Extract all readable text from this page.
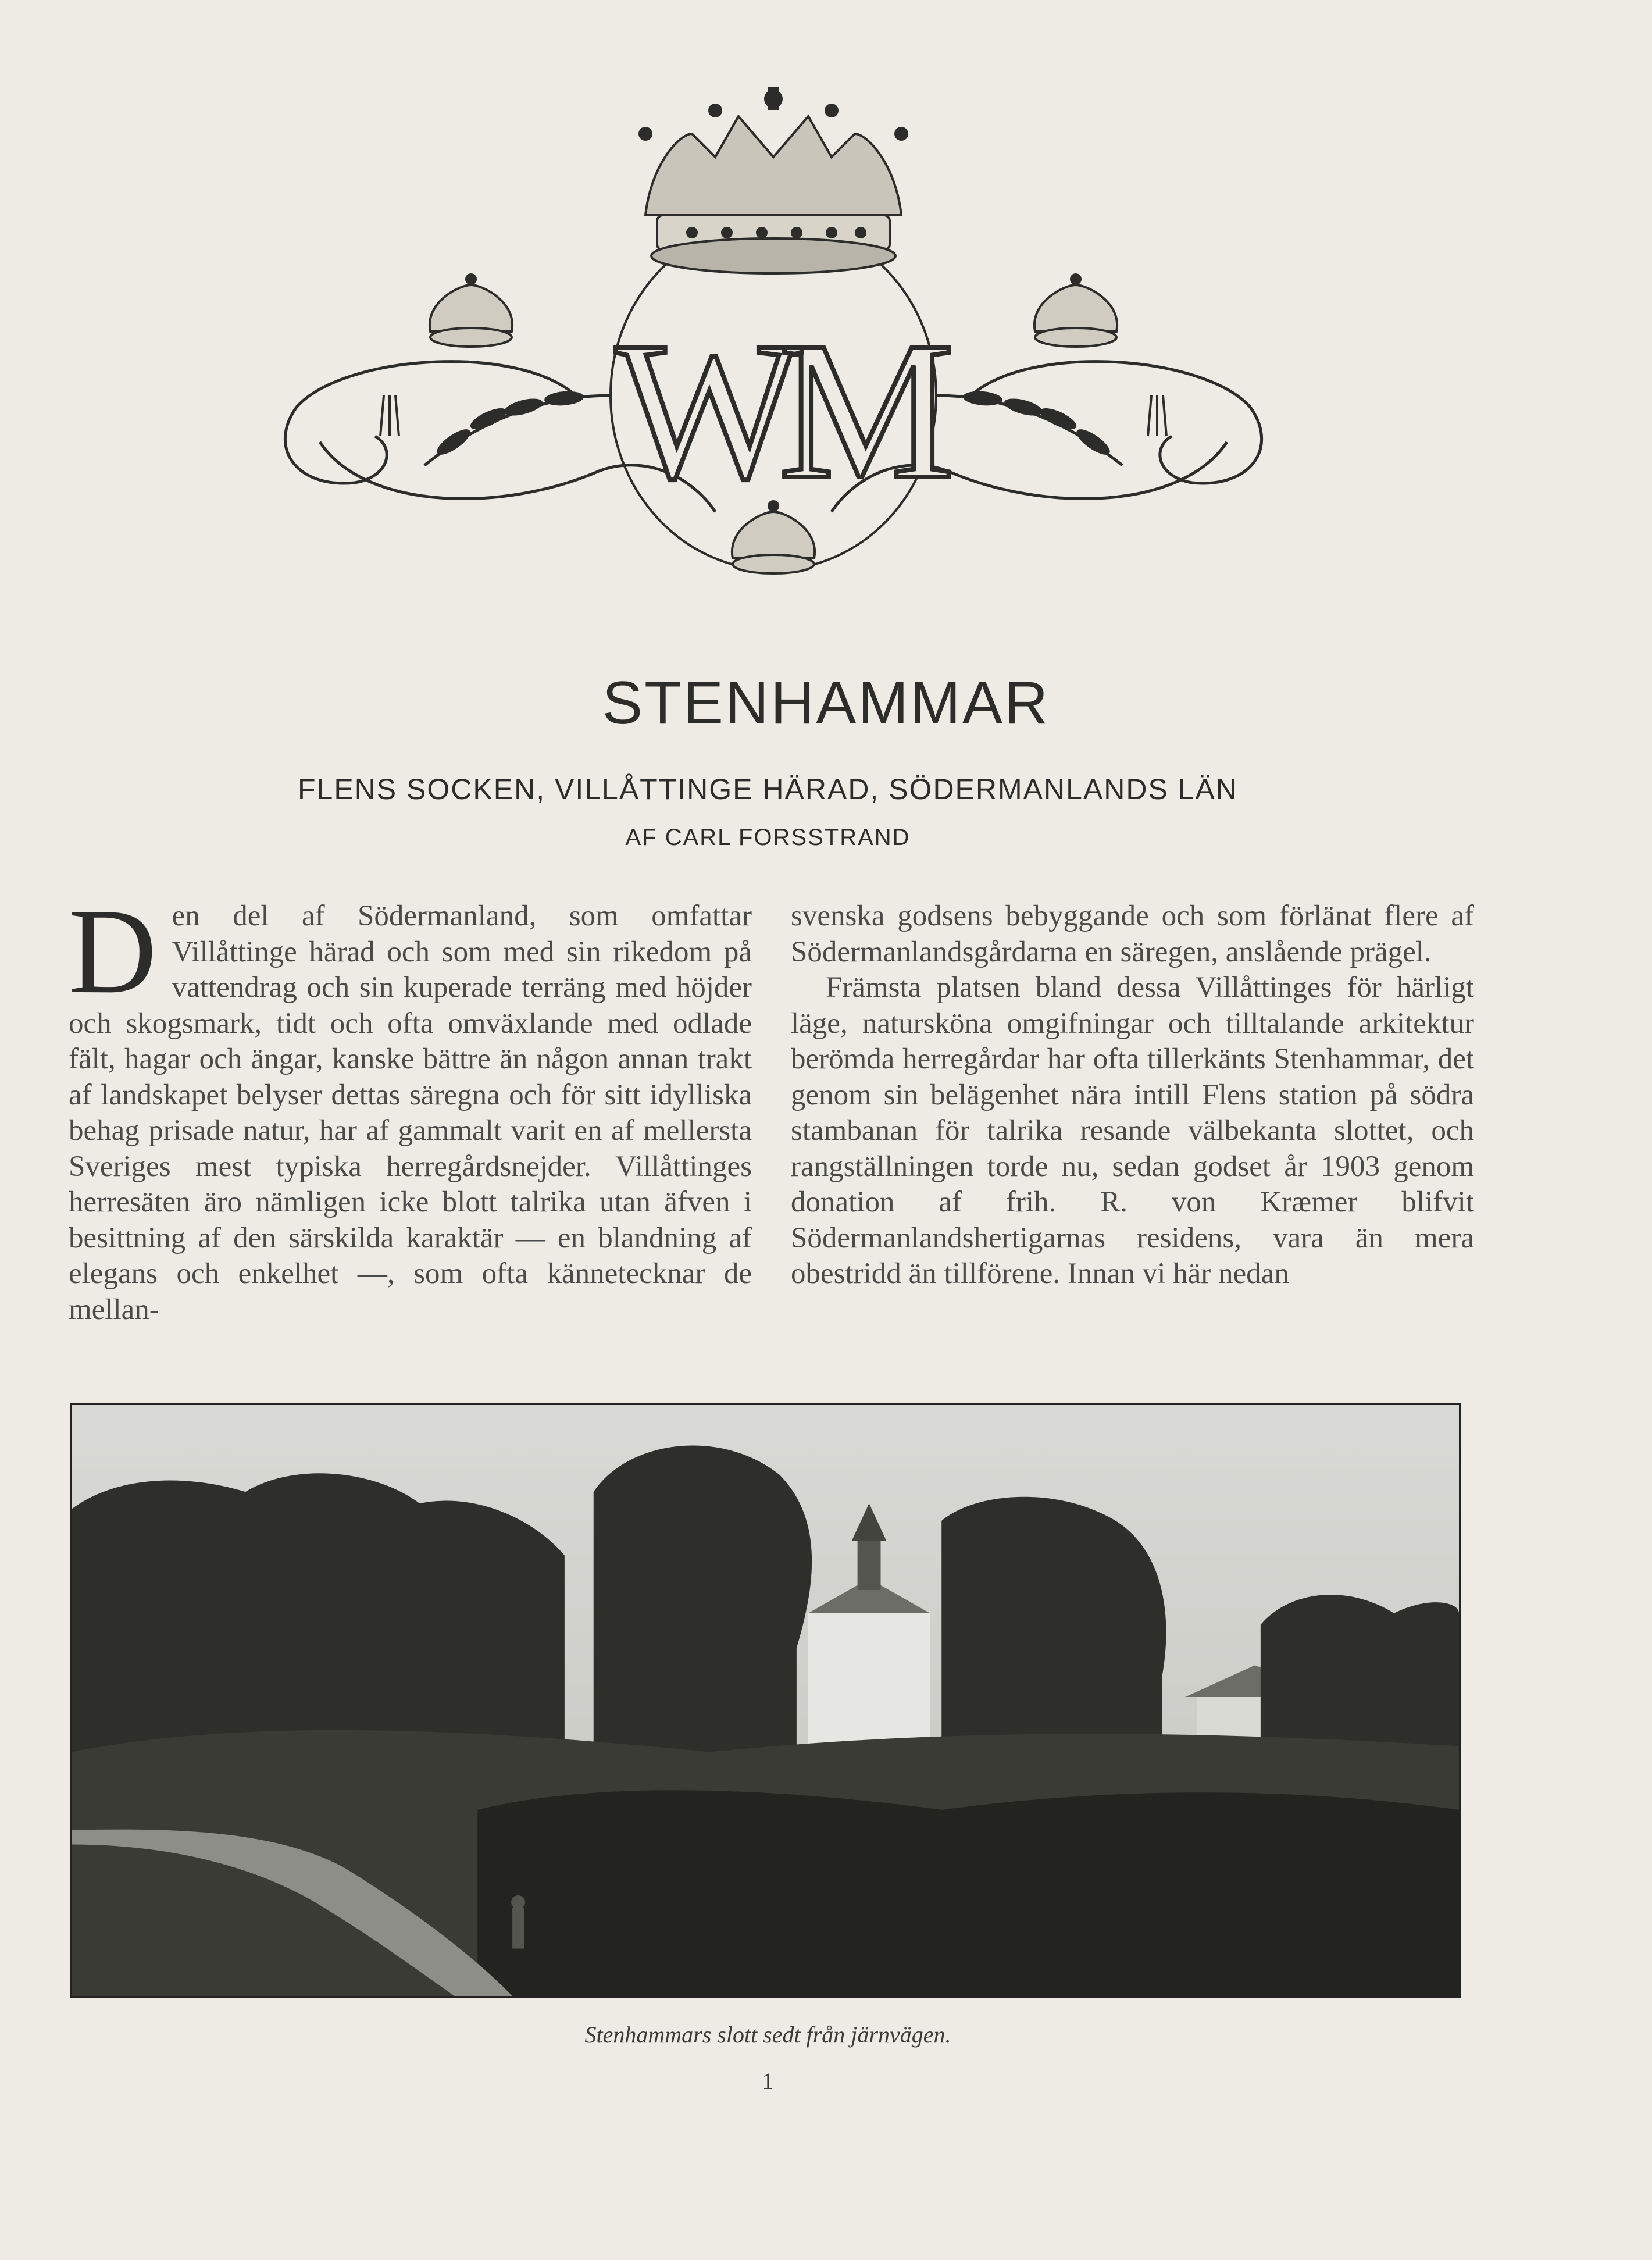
WM
STENHAMMAR
FLENS SOCKEN, VILLÅTTINGE HÄRAD, SÖDERMANLANDS LÄN
AF CARL FORSSTRAND

Den del af Södermanland, som omfattar Villåttinge härad och som med sin rikedom på vattendrag och sin kuperade terräng med höjder och skogsmark, tidt och ofta omväxlande med odlade fält, hagar och ängar, kanske bättre än någon annan trakt af landskapet belyser dettas säregna och för sitt idylliska behag prisade natur, har af gammalt varit en af mellersta Sveriges mest typiska herregårdsnejder. Villåttinges herresäten äro nämligen icke blott talrika utan äfven i besittning af den särskilda karaktär — en blandning af elegans och enkelhet —, som ofta kännetecknar de mellan-

svenska godsens bebyggande och som förlänat flere af Södermanlandsgårdarna en säregen, anslående prägel.

Främsta platsen bland dessa Villåttinges för härligt läge, natursköna omgifningar och tilltalande arkitektur berömda herregårdar har ofta tillerkänts Stenhammar, det genom sin belägenhet nära intill Flens station på södra stambanan för talrika resande välbekanta slottet, och rangställningen torde nu, sedan godset år 1903 genom donation af frih. R. von Kræmer blifvit Södermanlandshertigarnas residens, vara än mera obestridd än tillförene. Innan vi här nedan

Stenhammars slott sedt från järnvägen.
1
